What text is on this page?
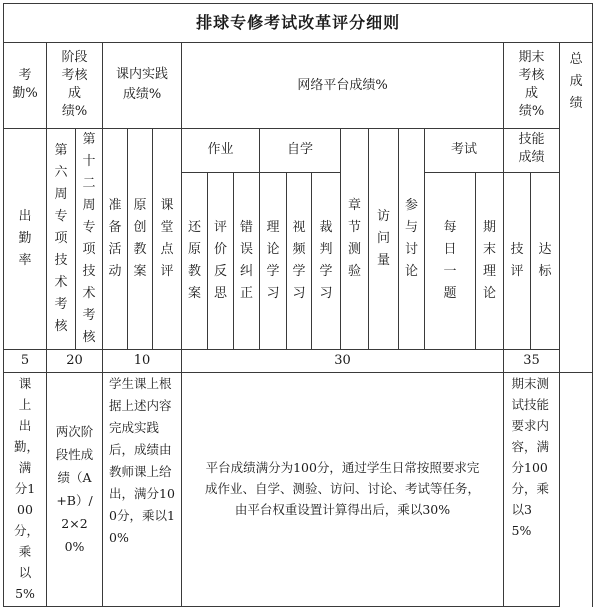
排球专修考试改革评分细则																				
考勤%	阶段考核成绩%		课内实践成绩%			网络平台成绩%											期末考核成绩%		总成绩	
出勤率	第六周专项技术考核	第十二周专项技术考核	准备活动	原创教案	课堂点评	作业			自学			章节测验	访问量	参与讨论	考试		技能成绩			
						还原教案	评价反思	错误纠正	理论学习	视频学习	裁判学习				每日一题	期末理论	技评	达标		
5	20		10			30											35	
课上出勤，满分100分，乘以5%	两次阶段性成绩（A+B）/2×20%		学生课上根据上述内容完成实践后，成绩由教师课上给出，满分100分，乘以10%			平台成绩满分为100分，通过学生日常按照要求完成作业、自学、测验、访问、讨论、考试等任务，由平台权重设置计算得出后，乘以30%											期末测试技能要求内容，满分100分，乘以35%			
